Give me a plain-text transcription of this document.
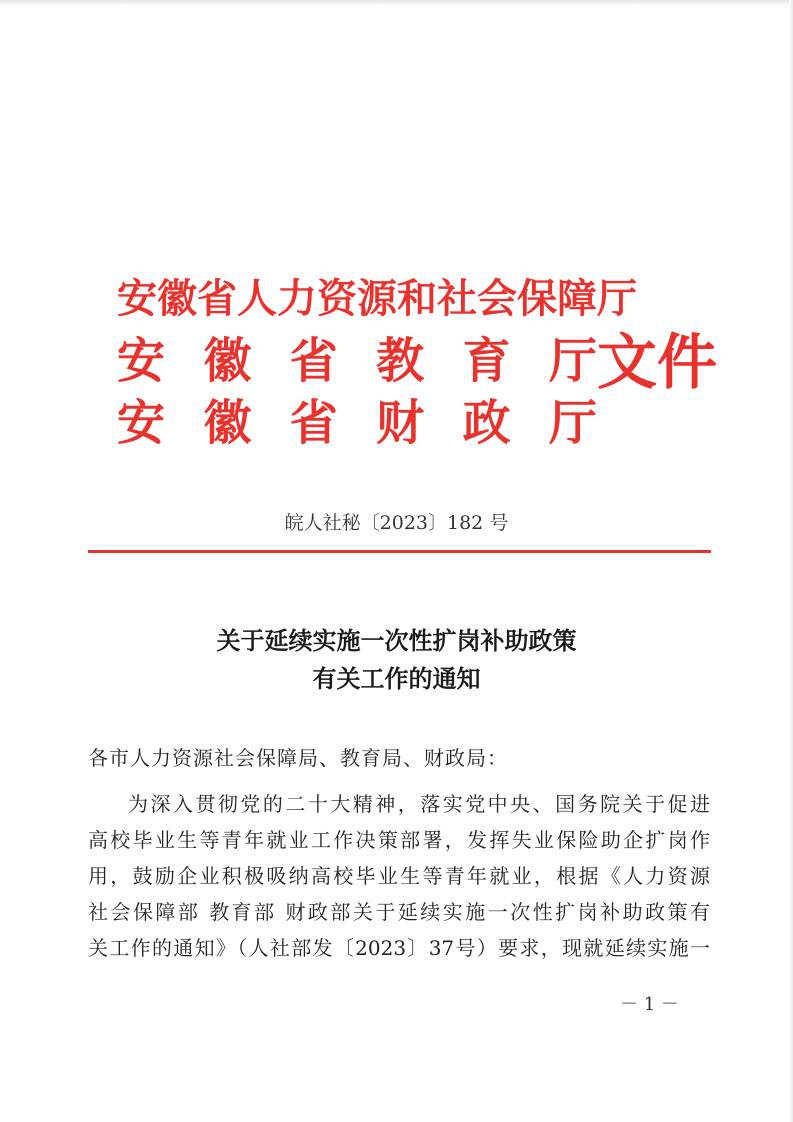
安徽省人力资源和社会保障厅
安 徽 省 教 育 厅
安 徽 省 财 政 厅
文件
皖人社秘〔2023〕182 号
关于延续实施一次性扩岗补助政策
有关工作的通知
各市人力资源社会保障局、教育局、财政局：
为深入贯彻党的二十大精神，落实党中央、国务院关于促进
高校毕业生等青年就业工作决策部署，发挥失业保险助企扩岗作
用，鼓励企业积极吸纳高校毕业生等青年就业，根据《人力资源
社会保障部 教育部 财政部关于延续实施一次性扩岗补助政策有
关工作的通知》（人社部发〔2023〕37号）要求，现就延续实施一
－ 1 －
